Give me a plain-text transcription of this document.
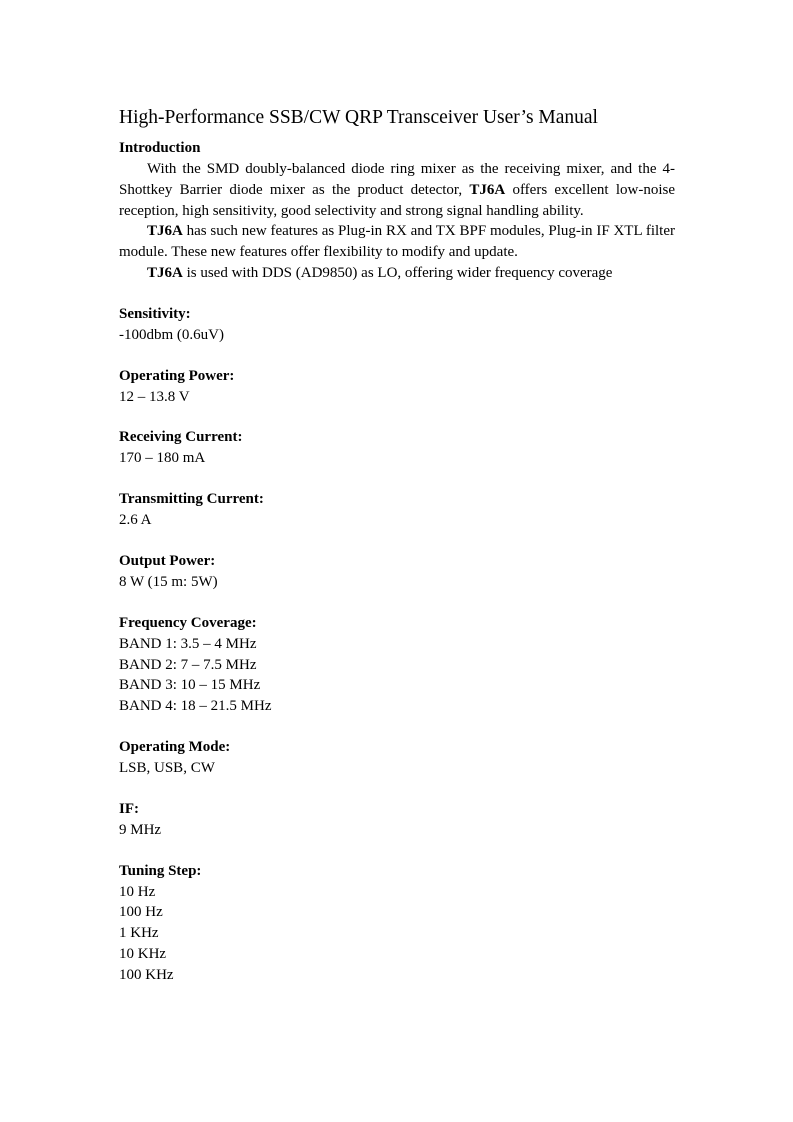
High-Performance SSB/CW QRP Transceiver User’s Manual
Introduction

With the SMD doubly-balanced diode ring mixer as the receiving mixer, and the 4-Shottkey Barrier diode mixer as the product detector, TJ6A offers excellent low-noise reception, high sensitivity, good selectivity and strong signal handling ability.

TJ6A has such new features as Plug-in RX and TX BPF modules, Plug-in IF XTL filter module. These new features offer flexibility to modify and update.

TJ6A is used with DDS (AD9850) as LO, offering wider frequency coverage

Sensitivity:
-100dbm (0.6uV)
Operating Power:
12 – 13.8 V
Receiving Current:
170 – 180 mA
Transmitting Current:
2.6 A
Output Power:
8 W (15 m: 5W)
Frequency Coverage:
BAND 1: 3.5 – 4 MHz
BAND 2: 7 – 7.5 MHz
BAND 3: 10 – 15 MHz
BAND 4: 18 – 21.5 MHz
Operating Mode:
LSB, USB, CW
IF:
9 MHz
Tuning Step:
10 Hz
100 Hz
1 KHz
10 KHz
100 KHz
